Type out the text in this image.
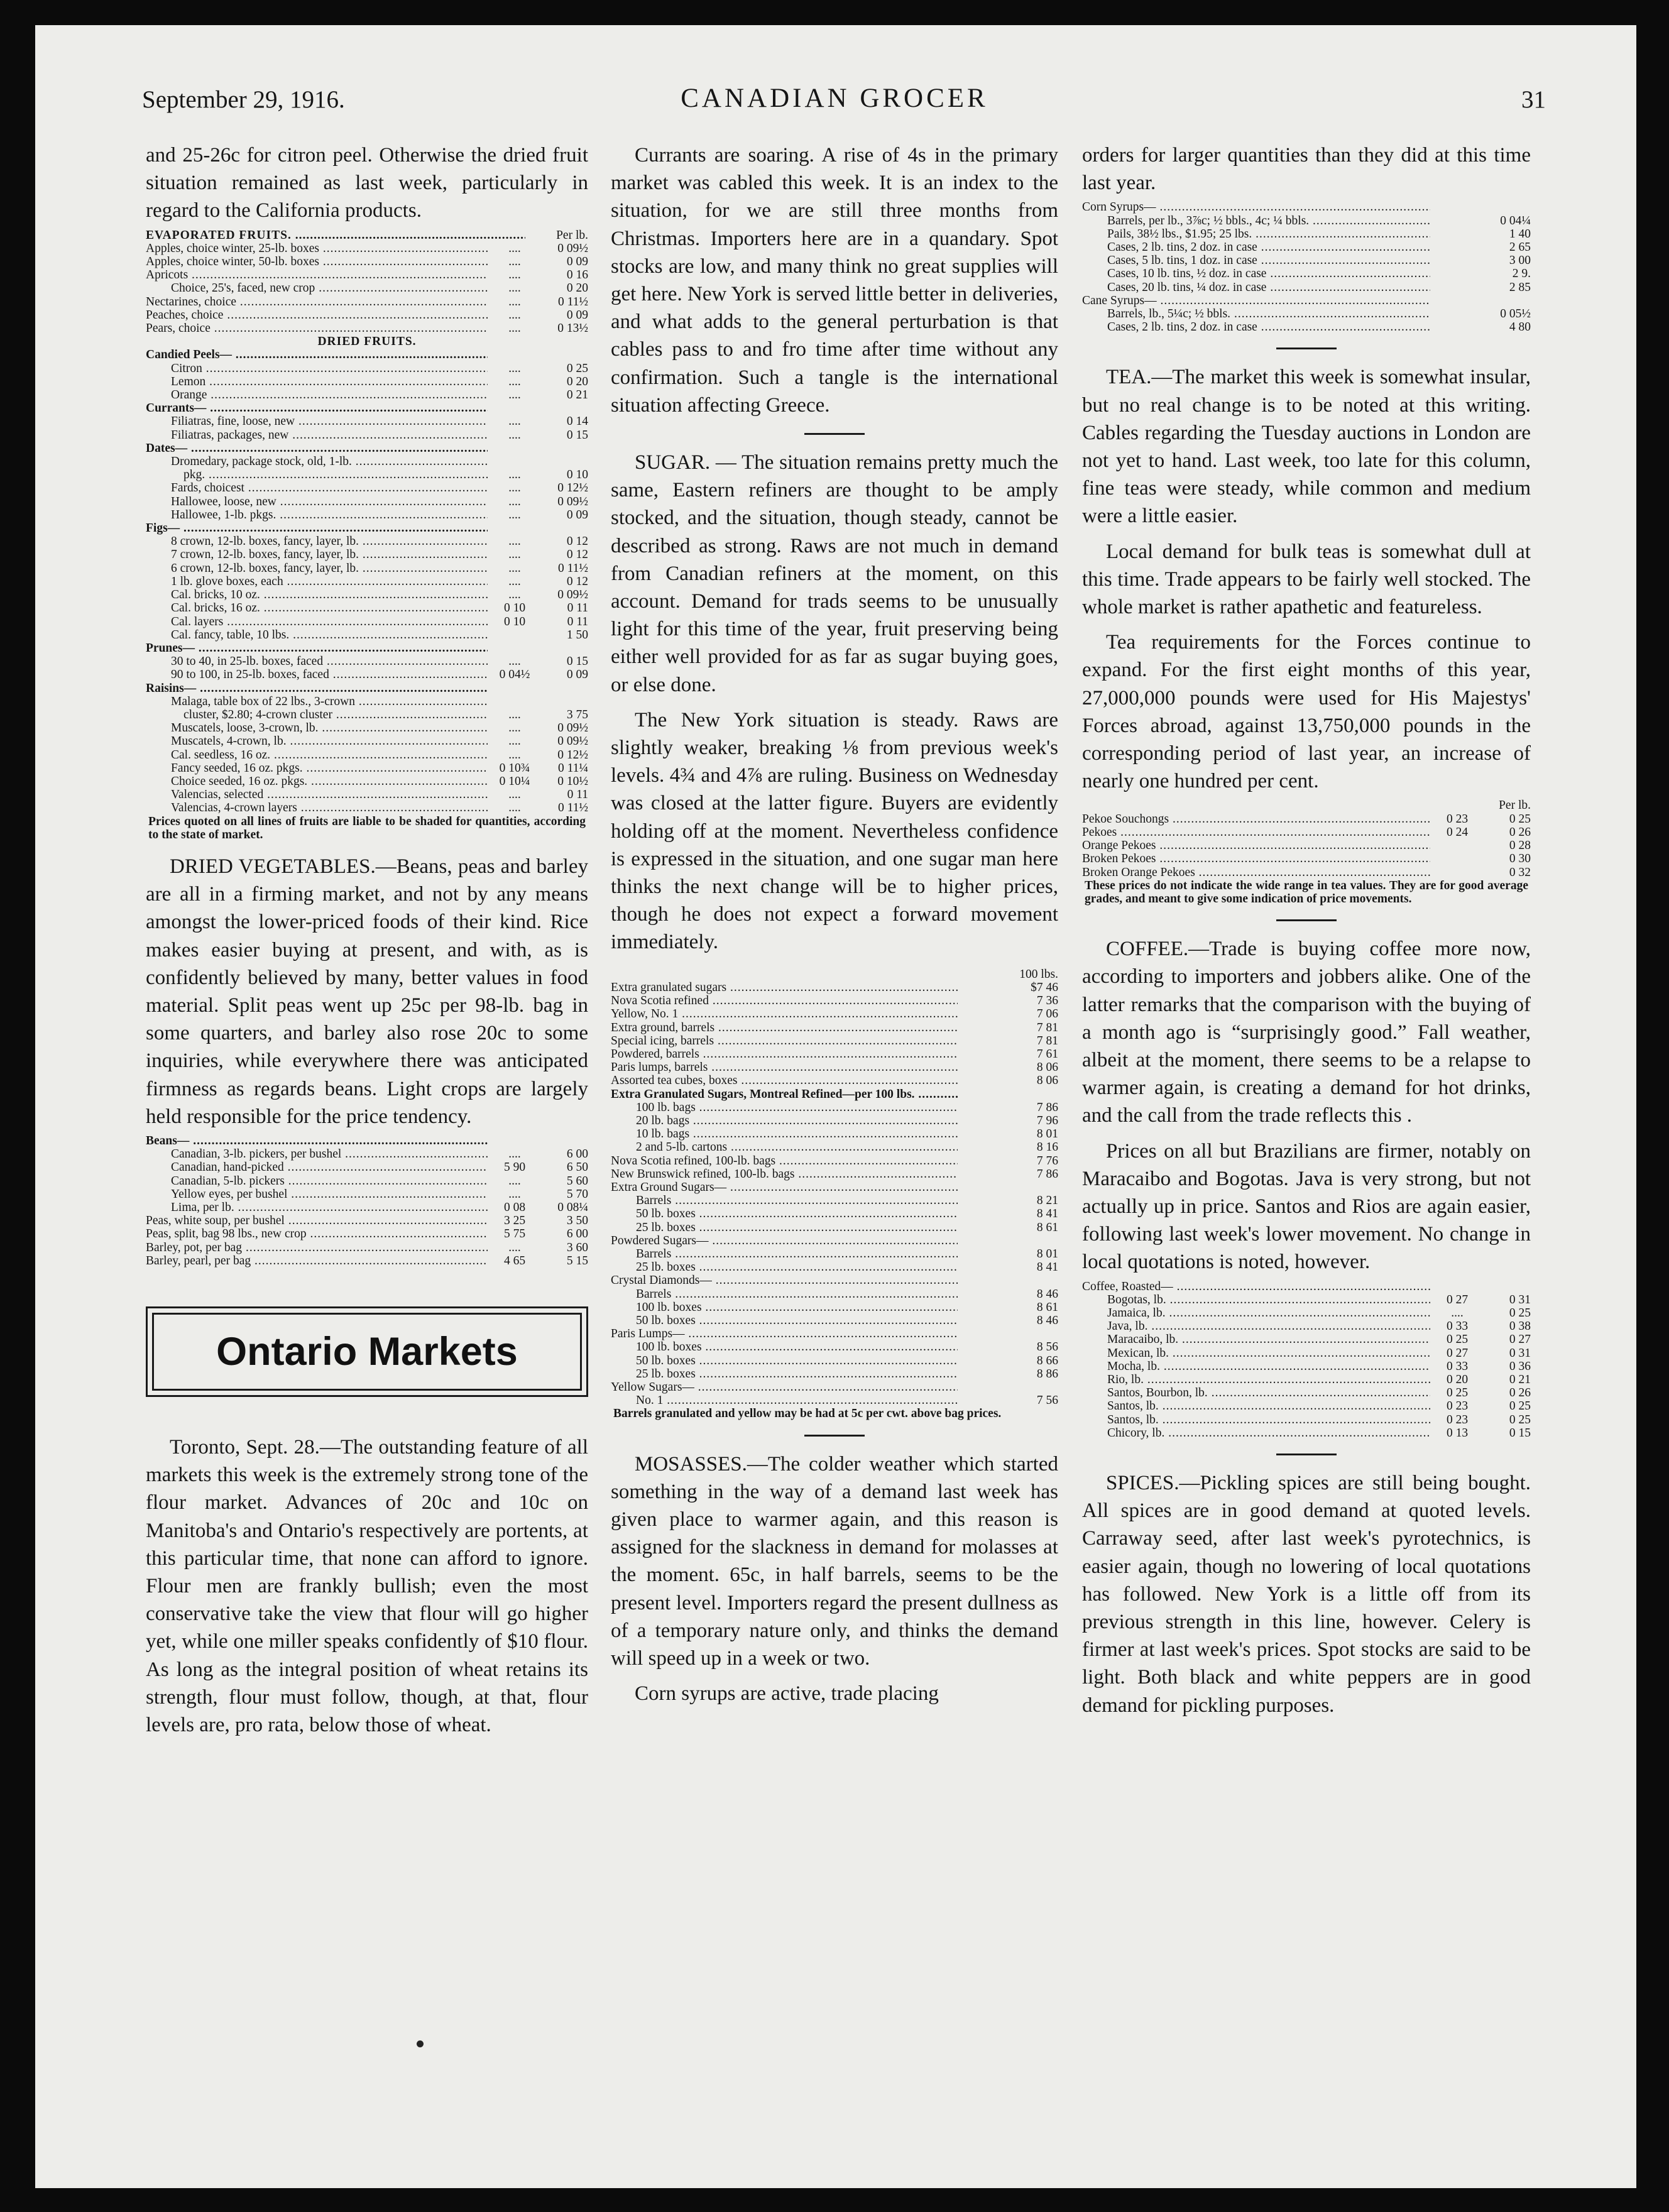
September 29, 1916.	CANADIAN GROCER	31

and 25-26c for citron peel. Otherwise the dried fruit situation remained as last week, particularly in regard to the California products.

EVAPORATED FRUITS. .....	Per lb.
Apples, choice winter, 25-lb. boxes .....	....	0 09½
Apples, choice winter, 50-lb. boxes .....	....	0 09
Apricots .....	....	0 16
Choice, 25's, faced, new crop .....	....	0 20
Nectarines, choice .....	....	0 11½
Peaches, choice .....	....	0 09
Pears, choice .....	....	0 13½
DRIED FRUITS.
Candied Peels— .....
Citron .....	....	0 25
Lemon .....	....	0 20
Orange .....	....	0 21
Currants— .....
Filiatras, fine, loose, new .....	....	0 14
Filiatras, packages, new .....	....	0 15
Dates— .....
Dromedary, package stock, old, 1-lb. .....
pkg. .....	....	0 10
Fards, choicest .....	....	0 12½
Hallowee, loose, new .....	....	0 09½
Hallowee, 1-lb. pkgs. .....	....	0 09
Figs— .....
8 crown, 12-lb. boxes, fancy, layer, lb. .....	....	0 12
7 crown, 12-lb. boxes, fancy, layer, lb. .....	....	0 12
6 crown, 12-lb. boxes, fancy, layer, lb. .....	....	0 11½
1 lb. glove boxes, each .....	....	0 12
Cal. bricks, 10 oz. .....	....	0 09½
Cal. bricks, 16 oz. .....	0 10	0 11
Cal. layers .....	0 10	0 11
Cal. fancy, table, 10 lbs. .....	1 50
Prunes— .....
30 to 40, in 25-lb. boxes, faced .....	....	0 15
90 to 100, in 25-lb. boxes, faced .....	0 04½	0 09
Raisins— .....
Malaga, table box of 22 lbs., 3-crown .....
cluster, $2.80; 4-crown cluster .....	....	3 75
Muscatels, loose, 3-crown, lb. .....	....	0 09½
Muscatels, 4-crown, lb. .....	....	0 09½
Cal. seedless, 16 oz. .....	....	0 12½
Fancy seeded, 16 oz. pkgs. .....	0 10¾	0 11¼
Choice seeded, 16 oz. pkgs. .....	0 10¼	0 10½
Valencias, selected .....	....	0 11
Valencias, 4-crown layers .....	....	0 11½
Prices quoted on all lines of fruits are liable to be shaded for quantities, according to the state of market.

DRIED VEGETABLES.—Beans, peas and barley are all in a firming market, and not by any means amongst the lower-priced foods of their kind. Rice makes easier buying at present, and with, as is confidently believed by many, better values in food material. Split peas went up 25c per 98-lb. bag in some quarters, and barley also rose 20c to some inquiries, while everywhere there was anticipated firmness as regards beans. Light crops are largely held responsible for the price tendency.

Beans— .....
Canadian, 3-lb. pickers, per bushel .....	....	6 00
Canadian, hand-picked .....	5 90	6 50
Canadian, 5-lb. pickers .....	....	5 60
Yellow eyes, per bushel .....	....	5 70
Lima, per lb. .....	0 08	0 08¼
Peas, white soup, per bushel .....	3 25	3 50
Peas, split, bag 98 lbs., new crop .....	5 75	6 00
Barley, pot, per bag .....	....	3 60
Barley, pearl, per bag .....	4 65	5 15
Ontario Markets

Toronto, Sept. 28.—The outstanding feature of all markets this week is the extremely strong tone of the flour market. Advances of 20c and 10c on Manitoba's and Ontario's respectively are portents, at this particular time, that none can afford to ignore. Flour men are frankly bullish; even the most conservative take the view that flour will go higher yet, while one miller speaks confidently of $10 flour. As long as the integral position of wheat retains its strength, flour must follow, though, at that, flour levels are, pro rata, below those of wheat.

Currants are soaring. A rise of 4s in the primary market was cabled this week. It is an index to the situation, for we are still three months from Christmas. Importers here are in a quandary. Spot stocks are low, and many think no great supplies will get here. New York is served little better in deliveries, and what adds to the general perturbation is that cables pass to and fro time after time without any confirmation. Such a tangle is the international situation affecting Greece.

SUGAR. — The situation remains pretty much the same, Eastern refiners are thought to be amply stocked, and the situation, though steady, cannot be described as strong. Raws are not much in demand from Canadian refiners at the moment, on this account. Demand for trads seems to be unusually light for this time of the year, fruit preserving being either well provided for as far as sugar buying goes, or else done.

The New York situation is steady. Raws are slightly weaker, breaking ⅛ from previous week's levels. 4¾ and 4⅞ are ruling. Business on Wednesday was closed at the latter figure. Buyers are evidently holding off at the moment. Nevertheless confidence is expressed in the situation, and one sugar man here thinks the next change will be to higher prices, though he does not expect a forward movement immediately.

100 lbs.
Extra granulated sugars .....	$7 46
Nova Scotia refined .....	7 36
Yellow, No. 1 .....	7 06
Extra ground, barrels .....	7 81
Special icing, barrels .....	7 81
Powdered, barrels .....	7 61
Paris lumps, barrels .....	8 06
Assorted tea cubes, boxes .....	8 06
Extra Granulated Sugars, Montreal Refined—per 100 lbs. .....
100 lb. bags .....	7 86
20 lb. bags .....	7 96
10 lb. bags .....	8 01
2 and 5-lb. cartons .....	8 16
Nova Scotia refined, 100-lb. bags .....	7 76
New Brunswick refined, 100-lb. bags .....	7 86
Extra Ground Sugars— .....
Barrels .....	8 21
50 lb. boxes .....	8 41
25 lb. boxes .....	8 61
Powdered Sugars— .....
Barrels .....	8 01
25 lb. boxes .....	8 41
Crystal Diamonds— .....
Barrels .....	8 46
100 lb. boxes .....	8 61
50 lb. boxes .....	8 46
Paris Lumps— .....
100 lb. boxes .....	8 56
50 lb. boxes .....	8 66
25 lb. boxes .....	8 86
Yellow Sugars— .....
No. 1 .....	7 56
Barrels granulated and yellow may be had at 5c per cwt. above bag prices.

MOSASSES.—The colder weather which started something in the way of a demand last week has given place to warmer again, and this reason is assigned for the slackness in demand for molasses at the moment. 65c, in half barrels, seems to be the present level. Importers regard the present dullness as of a temporary nature only, and thinks the demand will speed up in a week or two.

Corn syrups are active, trade placing

orders for larger quantities than they did at this time last year.

Corn Syrups— .....
Barrels, per lb., 3⅞c; ½ bbls., 4c; ¼ bbls. .....	0 04¼
Pails, 38½ lbs., $1.95; 25 lbs. .....	1 40
Cases, 2 lb. tins, 2 doz. in case .....	2 65
Cases, 5 lb. tins, 1 doz. in case .....	3 00
Cases, 10 lb. tins, ½ doz. in case .....	2 9.
Cases, 20 lb. tins, ¼ doz. in case .....	2 85
Cane Syrups— .....
Barrels, lb., 5¼c; ½ bbls. .....	0 05½
Cases, 2 lb. tins, 2 doz. in case .....	4 80

TEA.—The market this week is somewhat insular, but no real change is to be noted at this writing. Cables regarding the Tuesday auctions in London are not yet to hand. Last week, too late for this column, fine teas were steady, while common and medium were a little easier.

Local demand for bulk teas is somewhat dull at this time. Trade appears to be fairly well stocked. The whole market is rather apathetic and featureless.

Tea requirements for the Forces continue to expand. For the first eight months of this year, 27,000,000 pounds were used for His Majestys' Forces abroad, against 13,750,000 pounds in the corresponding period of last year, an increase of nearly one hundred per cent.

Per lb.
Pekoe Souchongs .....	0 23	0 25
Pekoes .....	0 24	0 26
Orange Pekoes .....	0 28
Broken Pekoes .....	0 30
Broken Orange Pekoes .....	0 32
These prices do not indicate the wide range in tea values. They are for good average grades, and meant to give some indication of price movements.

COFFEE.—Trade is buying coffee more now, according to importers and jobbers alike. One of the latter remarks that the comparison with the buying of a month ago is “surprisingly good.” Fall weather, albeit at the moment, there seems to be a relapse to warmer again, is creating a demand for hot drinks, and the call from the trade reflects this .

Prices on all but Brazilians are firmer, notably on Maracaibo and Bogotas. Java is very strong, but not actually up in price. Santos and Rios are again easier, following last week's lower movement. No change in local quotations is noted, however.

Coffee, Roasted— .....
Bogotas, lb. .....	0 27	0 31
Jamaica, lb. .....	....	0 25
Java, lb. .....	0 33	0 38
Maracaibo, lb. .....	0 25	0 27
Mexican, lb. .....	0 27	0 31
Mocha, lb. .....	0 33	0 36
Rio, lb. .....	0 20	0 21
Santos, Bourbon, lb. .....	0 25	0 26
Santos, lb. .....	0 23	0 25
Santos, lb. .....	0 23	0 25
Chicory, lb. .....	0 13	0 15

SPICES.—Pickling spices are still being bought. All spices are in good demand at quoted levels. Carraway seed, after last week's pyrotechnics, is easier again, though no lowering of local quotations has followed. New York is a little off from its previous strength in this line, however. Celery is firmer at last week's prices. Spot stocks are said to be light. Both black and white peppers are in good demand for pickling purposes.
